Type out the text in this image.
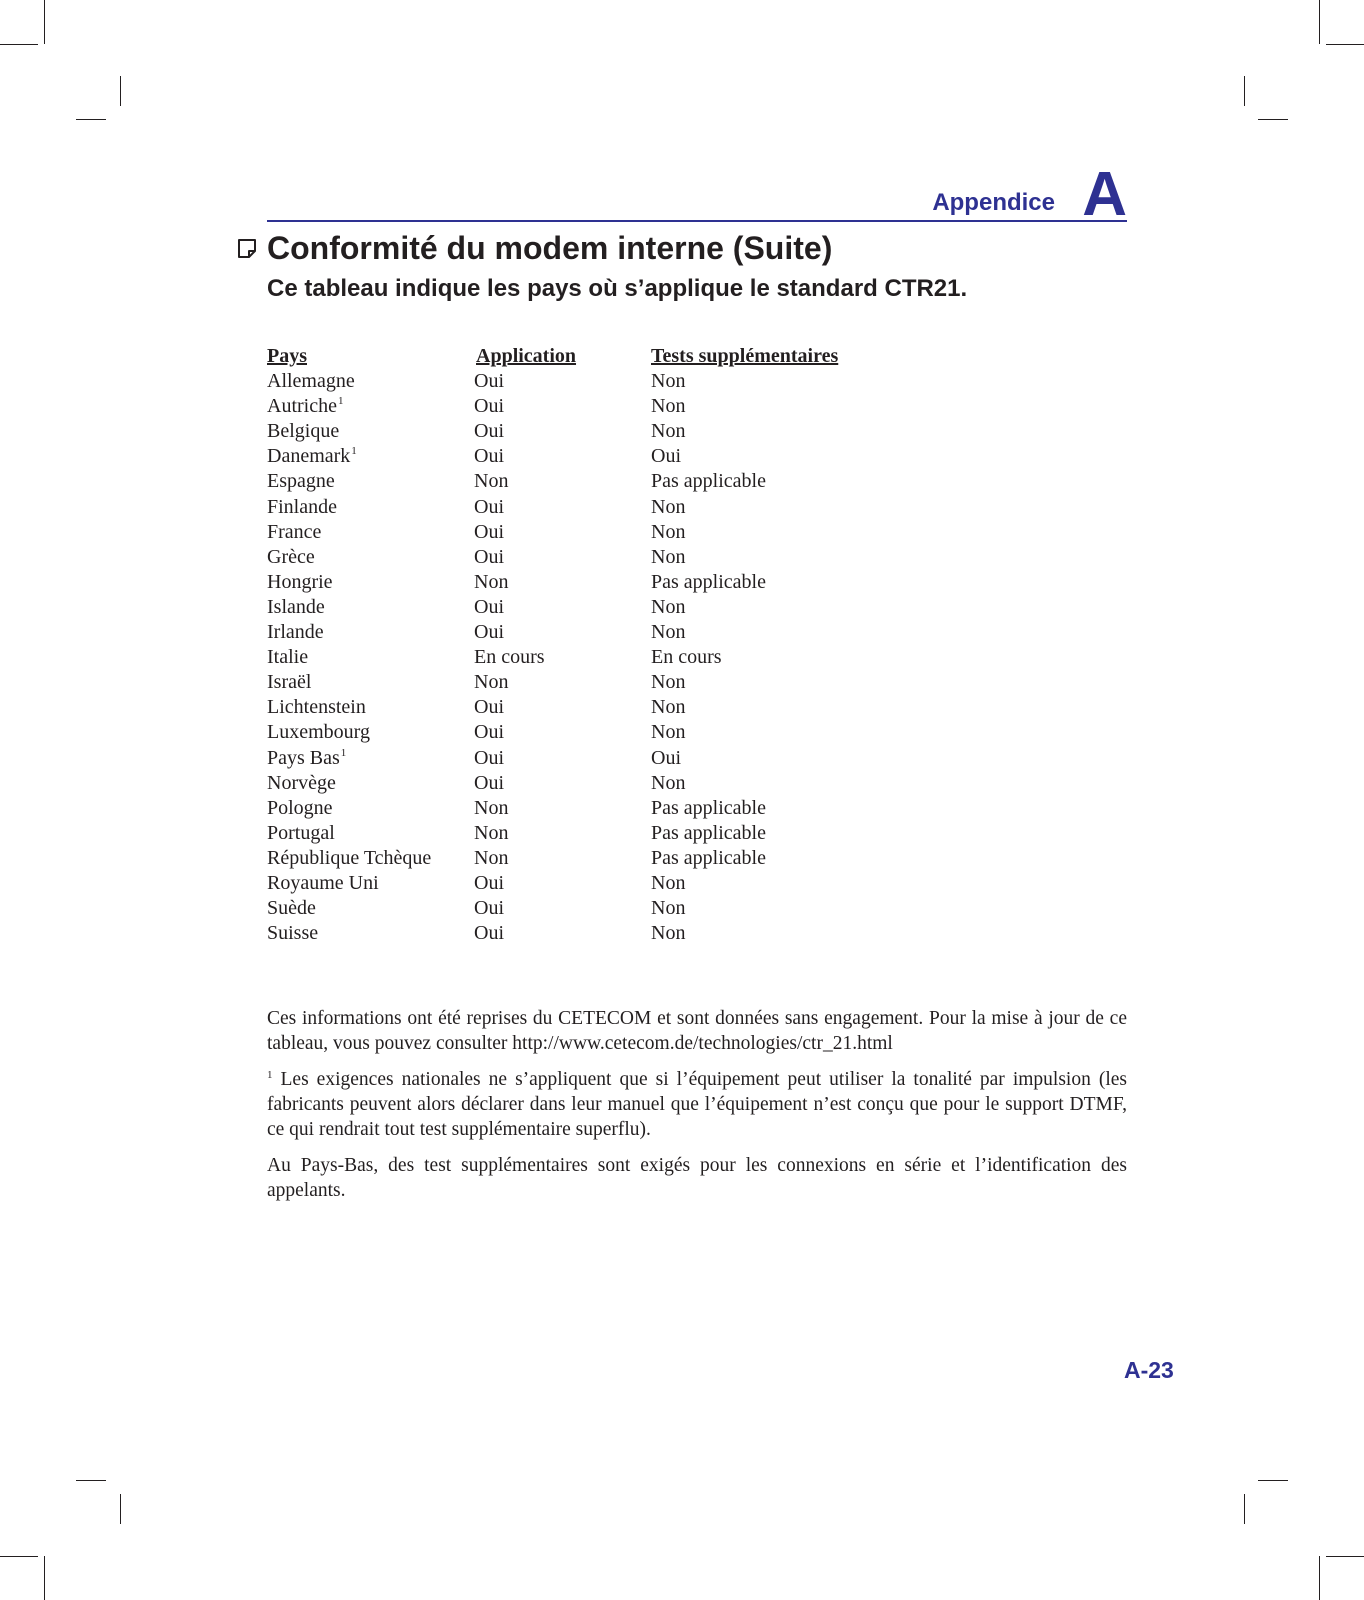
Appendice A
Conformité du modem interne (Suite)
Ce tableau indique les pays où s’applique le standard CTR21.
Pays	Application	Tests supplémentaires
Allemagne	Oui	Non
Autriche$^1$	Oui	Non
Belgique	Oui	Non
Danemark$^1$	Oui	Oui
Espagne	Non	Pas applicable
Finlande	Oui	Non
France	Oui	Non
Grèce	Oui	Non
Hongrie	Non	Pas applicable
Islande	Oui	Non
Irlande	Oui	Non
Italie	En cours	En cours
Israël	Non	Non
Lichtenstein	Oui	Non
Luxembourg	Oui	Non
Pays Bas$^1$	Oui	Oui
Norvège	Oui	Non
Pologne	Non	Pas applicable
Portugal	Non	Pas applicable
République Tchèque Non	Pas applicable
Royaume Uni	Oui	Non
Suède	Oui	Non
Suisse	Oui	Non

Ces informations ont été reprises du CETECOM et sont données sans engagement. Pour la mise à jour de ce tableau, vous pouvez consulter http://www.cetecom.de/technologies/ctr_21.html

$^1$ Les exigences nationales ne s’appliquent que si l’équipement peut utiliser la tonalité par impulsion (les fabricants peuvent alors déclarer dans leur manuel que l’équipement n’est conçu que pour le support DTMF, ce qui rendrait tout test supplémentaire superflu).

Au Pays-Bas, des test supplémentaires sont exigés pour les connexions en série et l’identification des appelants.

A-23
